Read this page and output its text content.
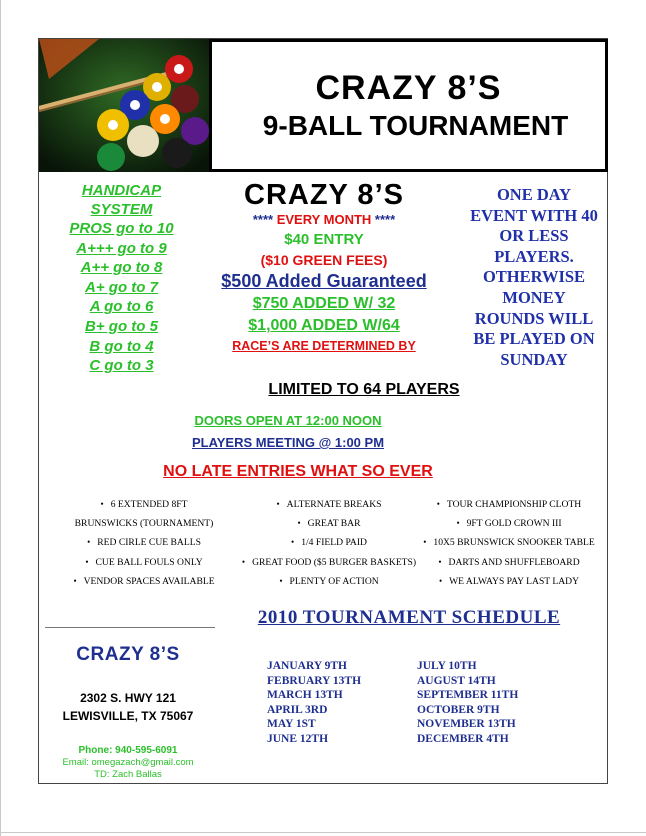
CRAZY 8’S
9-BALL TOURNAMENT
HANDICAP
SYSTEM
PROS go to 10
A+++ go to 9
A++ go to 8
A+ go to 7
A go to 6
B+ go to 5
B go to 4
C go to 3
CRAZY 8’S
**** EVERY MONTH ****
$40 ENTRY
($10 GREEN FEES)
$500 Added Guaranteed
$750 ADDED W/ 32
$1,000 ADDED W/64
RACE’S ARE DETERMINED BY
ONE DAY
EVENT WITH 40
OR LESS
PLAYERS.
OTHERWISE
MONEY
ROUNDS WILL
BE PLAYED ON
SUNDAY
LIMITED TO 64 PLAYERS
DOORS OPEN AT 12:00 NOON
PLAYERS MEETING @ 1:00 PM
NO LATE ENTRIES WHAT SO EVER
• 6 EXTENDED 8FT
BRUNSWICKS (TOURNAMENT)
• RED CIRLE CUE BALLS
• CUE BALL FOULS ONLY
• VENDOR SPACES AVAILABLE
• ALTERNATE BREAKS
• GREAT BAR
• 1/4 FIELD PAID
• GREAT FOOD ($5 BURGER BASKETS)
• PLENTY OF ACTION
• TOUR CHAMPIONSHIP CLOTH
• 9FT GOLD CROWN III
• 10X5 BRUNSWICK SNOOKER TABLE
• DARTS AND SHUFFLEBOARD
• WE ALWAYS PAY LAST LADY
CRAZY 8’S
2302 S. HWY 121
LEWISVILLE, TX 75067
Phone: 940-595-6091
Email: omegazach@gmail.com
TD: Zach Ballas
2010 TOURNAMENT SCHEDULE
JANUARY 9TH
FEBRUARY 13TH
MARCH 13TH
APRIL 3RD
MAY 1ST
JUNE 12TH
JULY 10TH
AUGUST 14TH
SEPTEMBER 11TH
OCTOBER 9TH
NOVEMBER 13TH
DECEMBER 4TH
